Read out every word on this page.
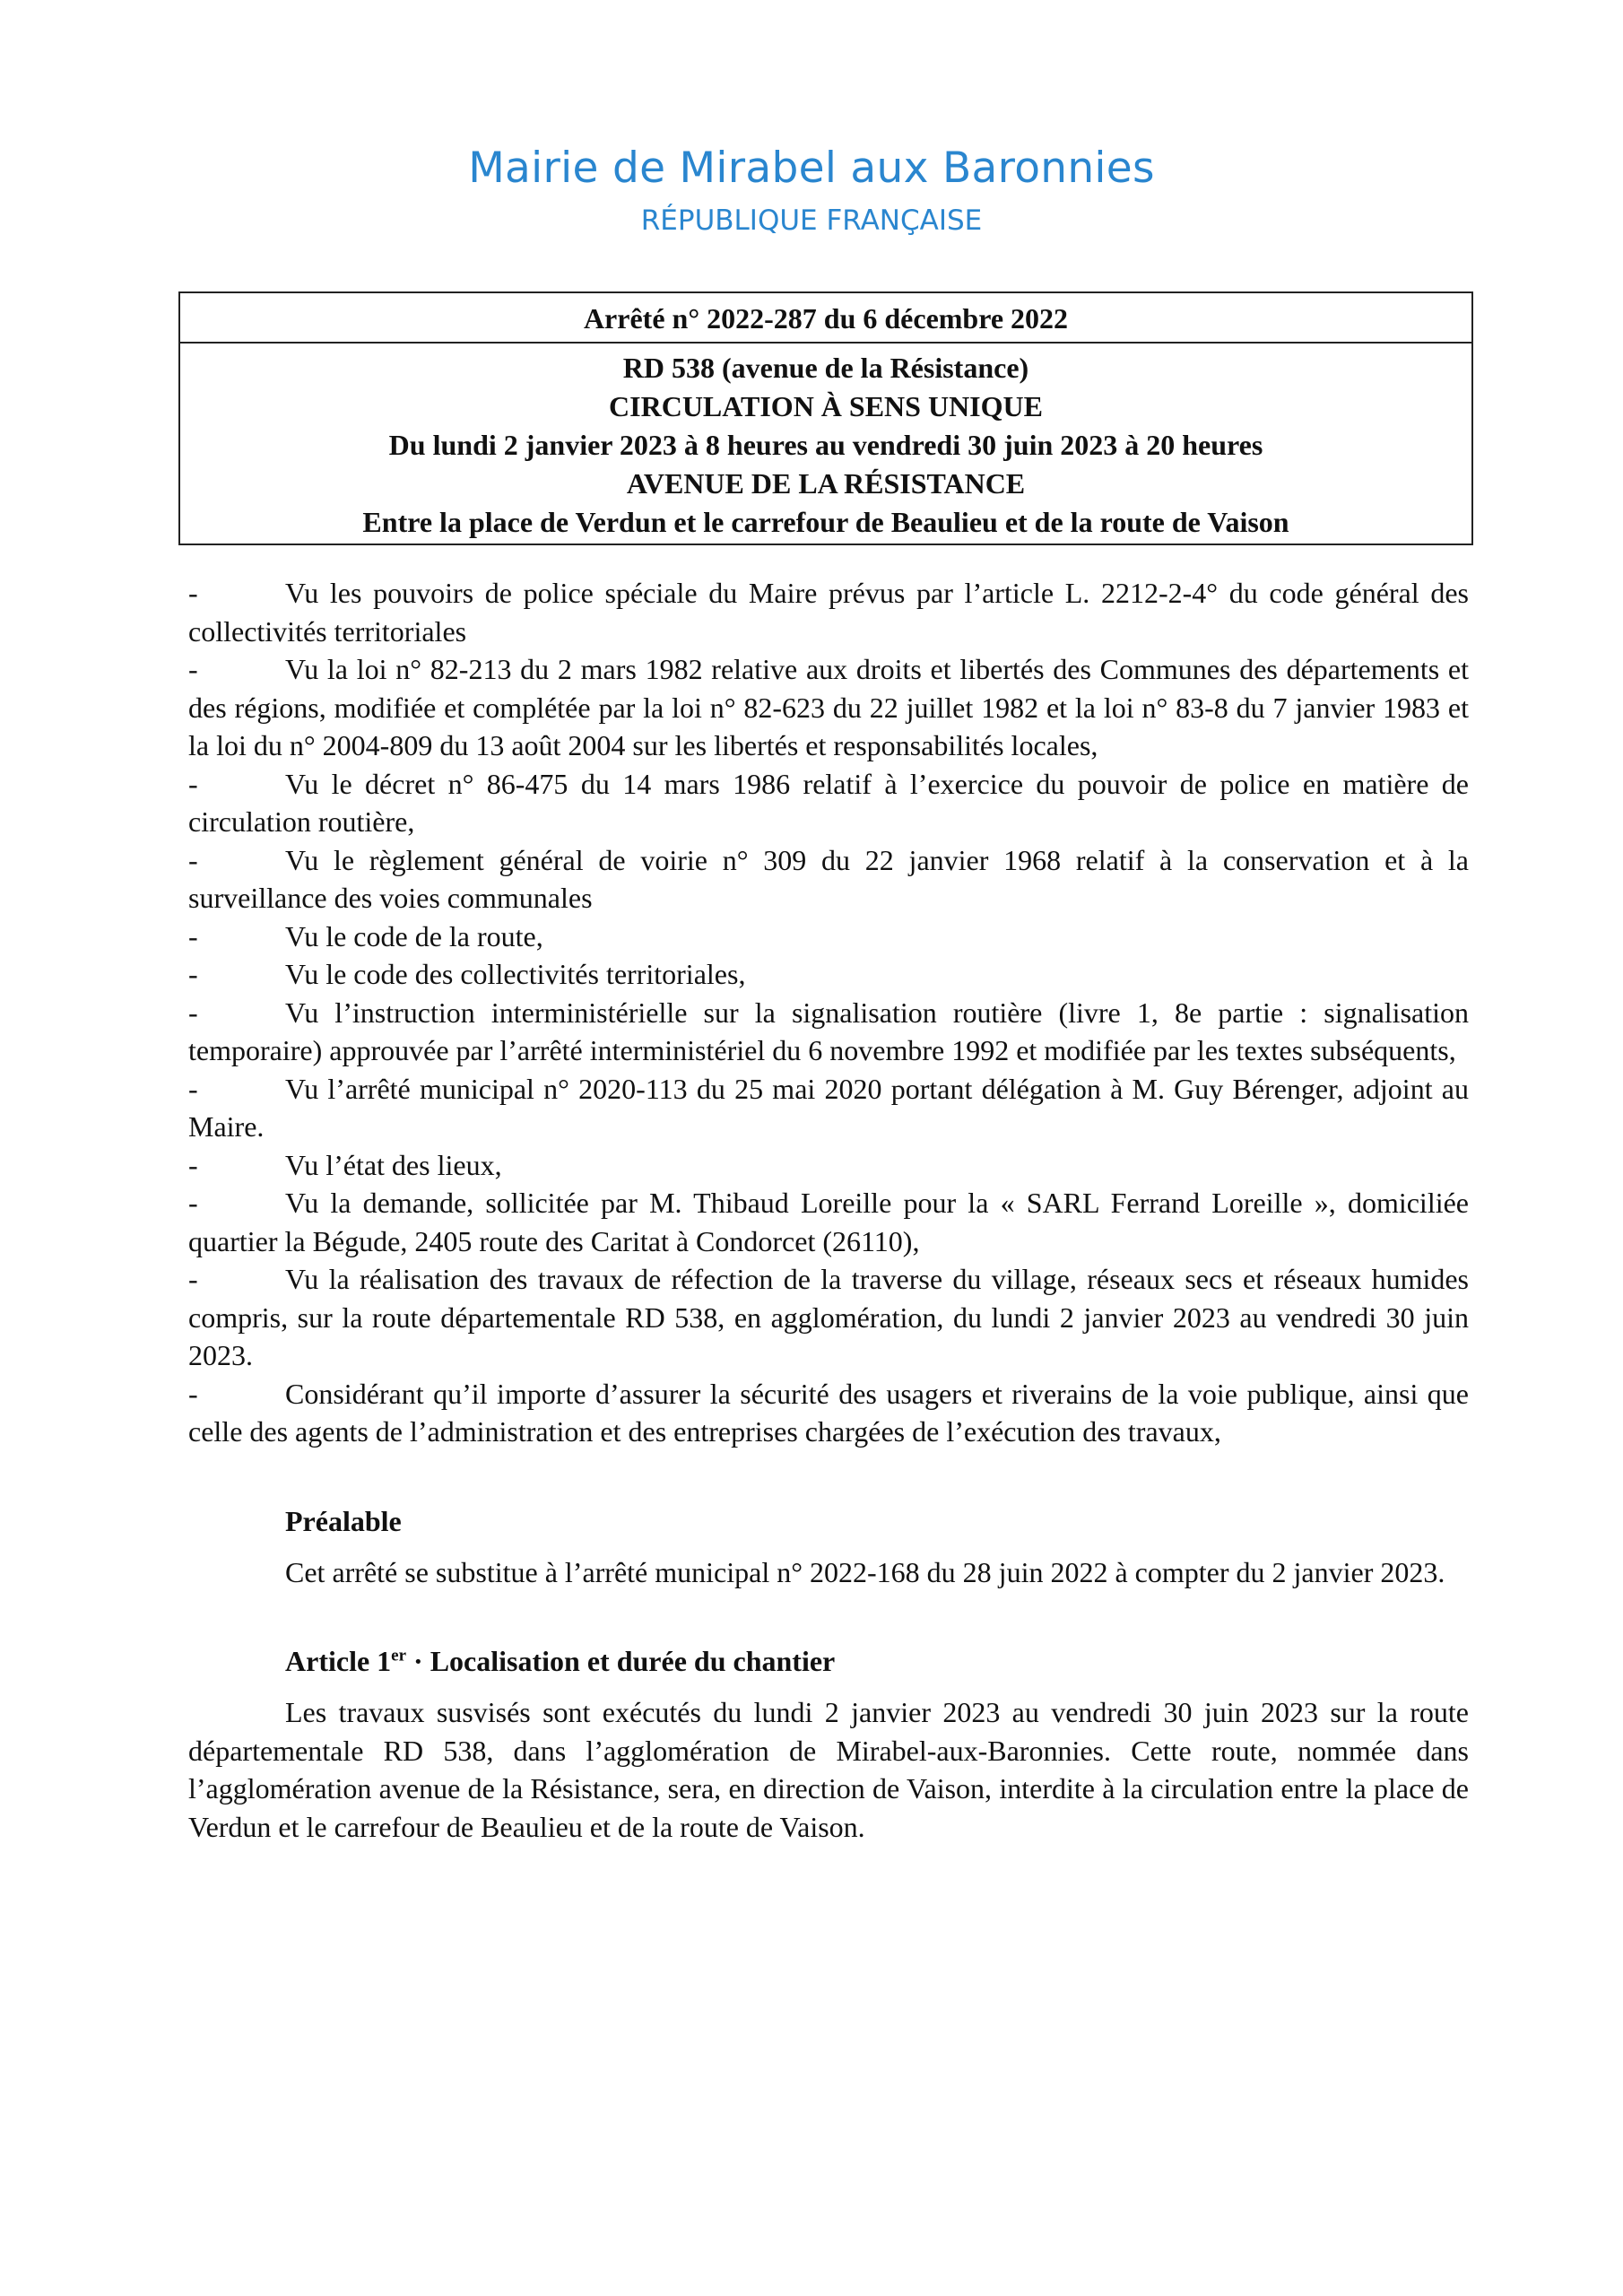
Mairie de Mirabel aux Baronnies
RÉPUBLIQUE FRANÇAISE
Arrêté n° 2022-287 du 6 décembre 2022
RD 538 (avenue de la Résistance)
CIRCULATION À SENS UNIQUE
Du lundi 2 janvier 2023 à 8 heures au vendredi 30 juin 2023 à 20 heures
AVENUE DE LA RÉSISTANCE
Entre la place de Verdun et le carrefour de Beaulieu et de la route de Vaison

-	Vu les pouvoirs de police spéciale du Maire prévus par l’article L. 2212-2-4° du code général des collectivités territoriales

-	Vu la loi n° 82-213 du 2 mars 1982 relative aux droits et libertés des Communes des départements et des régions, modifiée et complétée par la loi n° 82-623 du 22 juillet 1982 et la loi n° 83-8 du 7 janvier 1983 et la loi du n° 2004-809 du 13 août 2004 sur les libertés et responsabilités locales,

-	Vu le décret n° 86-475 du 14 mars 1986 relatif à l’exercice du pouvoir de police en matière de circulation routière,

-	Vu le règlement général de voirie n° 309 du 22 janvier 1968 relatif à la conservation et à la surveillance des voies communales

-	Vu le code de la route,

-	Vu le code des collectivités territoriales,

-	Vu l’instruction interministérielle sur la signalisation routière (livre 1, 8e partie : signalisation temporaire) approuvée par l’arrêté interministériel du 6 novembre 1992 et modifiée par les textes subséquents,

-	Vu l’arrêté municipal n° 2020-113 du 25 mai 2020 portant délégation à M. Guy Bérenger, adjoint au Maire.

-	Vu l’état des lieux,

-	Vu la demande, sollicitée par M. Thibaud Loreille pour la « SARL Ferrand Loreille », domiciliée quartier la Bégude, 2405 route des Caritat à Condorcet (26110),

-	Vu la réalisation des travaux de réfection de la traverse du village, réseaux secs et réseaux humides compris, sur la route départementale RD 538, en agglomération, du lundi 2 janvier 2023 au vendredi 30 juin 2023.

-	Considérant qu’il importe d’assurer la sécurité des usagers et riverains de la voie publique, ainsi que celle des agents de l’administration et des entreprises chargées de l’exécution des travaux,

Préalable

Cet arrêté se substitue à l’arrêté municipal n° 2022-168 du 28 juin 2022 à compter du 2 janvier 2023.

Article 1er · Localisation et durée du chantier

Les travaux susvisés sont exécutés du lundi 2 janvier 2023 au vendredi 30 juin 2023 sur la route départementale RD 538, dans l’agglomération de Mirabel-aux-Baronnies. Cette route, nommée dans l’agglomération avenue de la Résistance, sera, en direction de Vaison, interdite à la circulation entre la place de Verdun et le carrefour de Beaulieu et de la route de Vaison.
